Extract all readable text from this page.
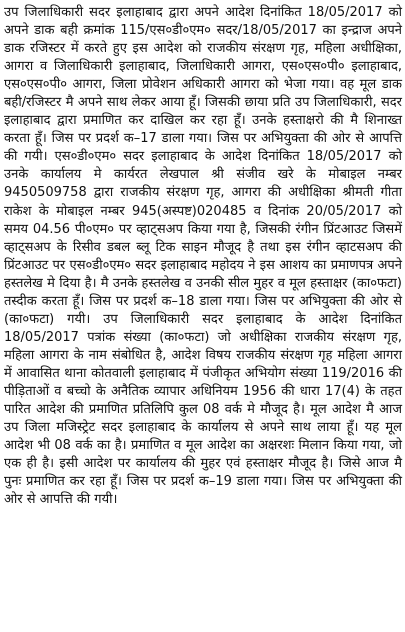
उप जिलाधिकारी सदर इलाहाबाद द्वारा अपने आदेश दिनांकित 18/05/2017 को अपने डाक बही क्रमांक 115/एस०डी०एम० सदर/18/05/2017 का इन्द्राज अपने डाक रजिस्टर में करते हुए इस आदेश को राजकीय संरक्षण गृह, महिला अधीक्षिका, आगरा व जिलाधिकारी इलाहाबाद, जिलाधिकारी आगरा, एस०एस०पी० इलाहाबाद, एस०एस०पी० आगरा, जिला प्रोवेशन अधिकारी आगरा को भेजा गया। वह मूल डाक बही/रजिस्टर मै अपने साथ लेकर आया हूँ। जिसकी छाया प्रति उप जिलाधिकारी, सदर इलाहाबाद द्वारा प्रमाणित कर दाखिल कर रहा हूँ। उनके हस्ताक्षरो की मै शिनाख्त करता हूँ। जिस पर प्रदर्श क–17 डाला गया। जिस पर अभियुक्ता की ओर से आपत्ति की गयी। एस०डी०एम० सदर इलाहाबाद के आदेश दिनांकित 18/05/2017 को उनके कार्यालय मे कार्यरत लेखपाल श्री संजीव खरे के मोबाइल नम्बर 9450509758 द्वारा राजकीय संरक्षण गृह, आगरा की अधीक्षिका श्रीमती गीता राकेश के मोबाइल नम्बर 945(अस्पष्ट)020485 व दिनांक 20/05/2017 को समय 04.56 पी०एम० पर व्हाट्सअप किया गया है, जिसकी रंगीन प्रिंटआउट जिसमें व्हाट्सअप के रिसीव डबल ब्लू टिक साइन मौजूद है तथा इस रंगीन व्हाटसअप की प्रिंटआउट पर एस०डी०एम० सदर इलाहाबाद महोदय ने इस आशय का प्रमाणपत्र अपने हस्तलेख मे दिया है। मै उनके हस्तलेख व उनकी सील मुहर व मूल हस्ताक्षर (का०फटा) तस्दीक करता हूँ। जिस पर प्रदर्श क–18 डाला गया। जिस पर अभियुक्ता की ओर से (का०फटा) गयी। उप जिलाधिकारी सदर इलाहाबाद के आदेश दिनांकित 18/05/2017 पत्रांक संख्या (का०फटा) जो अधीक्षिका राजकीय संरक्षण गृह, महिला आगरा के नाम संबोधित है, आदेश विषय राजकीय संरक्षण गृह महिला आगरा में आवासित थाना कोतवाली इलाहाबाद में पंजीकृत अभियोग संख्या 119/2016 की पीड़िताओं व बच्चो के अनैतिक व्यापार अधिनियम 1956 की धारा 17(4) के तहत पारित आदेश की प्रमाणित प्रतिलिपि कुल 08 वर्क मे मौजूद है। मूल आदेश मै आज उप जिला मजिस्ट्रेट सदर इलाहाबाद के कार्यालय से अपने साथ लाया हूँ। यह मूल आदेश भी 08 वर्क का है। प्रमाणित व मूल आदेश का अक्षरशः मिलान किया गया, जो एक ही है। इसी आदेश पर कार्यालय की मुहर एवं हस्ताक्षर मौजूद है। जिसे आज मै पुनः प्रमाणित कर रहा हूँ। जिस पर प्रदर्श क–19 डाला गया। जिस पर अभियुक्ता की ओर से आपत्ति की गयी।
